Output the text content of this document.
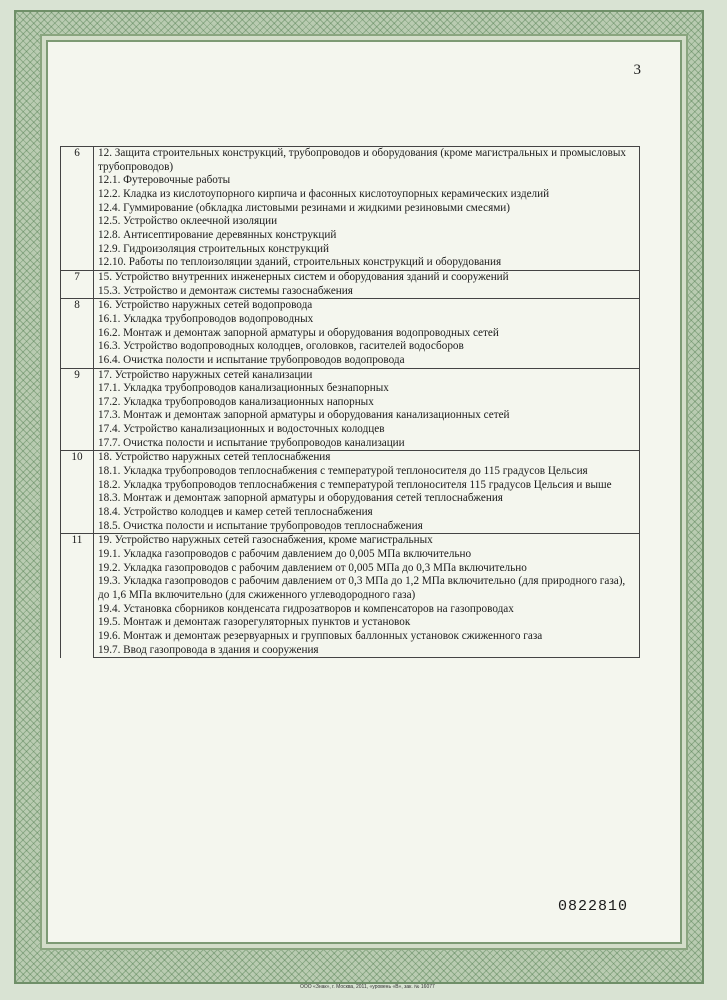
3
6	12. Защита строительных конструкций, трубопроводов и оборудования (кроме магистральных и промысловых трубопроводов)
	12.1. Футеровочные работы
	12.2. Кладка из кислотоупорного кирпича и фасонных кислотоупорных керамических изделий
	12.4. Гуммирование (обкладка листовыми резинами и жидкими резиновыми смесями)
	12.5. Устройство оклеечной изоляции
	12.8. Антисептирование деревянных конструкций
	12.9. Гидроизоляция строительных конструкций
	12.10. Работы по теплоизоляции зданий, строительных конструкций и оборудования
7	15. Устройство внутренних инженерных систем и оборудования зданий и сооружений
	15.3. Устройство и демонтаж системы газоснабжения
8	16. Устройство наружных сетей водопровода
	16.1. Укладка трубопроводов водопроводных
	16.2. Монтаж и демонтаж запорной арматуры и оборудования водопроводных сетей
	16.3. Устройство водопроводных колодцев, оголовков, гасителей водосборов
	16.4. Очистка полости и испытание трубопроводов водопровода
9	17. Устройство наружных сетей канализации
	17.1. Укладка трубопроводов канализационных безнапорных
	17.2. Укладка трубопроводов канализационных напорных
	17.3. Монтаж и демонтаж запорной арматуры и оборудования канализационных сетей
	17.4. Устройство канализационных и водосточных колодцев
	17.7. Очистка полости и испытание трубопроводов канализации
10	18. Устройство наружных сетей теплоснабжения
	18.1. Укладка трубопроводов теплоснабжения с температурой теплоносителя до 115 градусов Цельсия
	18.2. Укладка трубопроводов теплоснабжения с температурой теплоносителя 115 градусов Цельсия и выше
	18.3. Монтаж и демонтаж запорной арматуры и оборудования сетей теплоснабжения
	18.4. Устройство колодцев и камер сетей теплоснабжения
	18.5. Очистка полости и испытание трубопроводов теплоснабжения
11	19. Устройство наружных сетей газоснабжения, кроме магистральных
	19.1. Укладка газопроводов с рабочим давлением до 0,005 МПа включительно
	19.2. Укладка газопроводов с рабочим давлением от 0,005 МПа до 0,3 МПа включительно
	19.3. Укладка газопроводов с рабочим давлением от 0,3 МПа до 1,2 МПа включительно (для природного газа), до 1,6 МПа включительно (для сжиженного углеводородного газа)
	19.4. Установка сборников конденсата гидрозатворов и компенсаторов на газопроводах
	19.5. Монтаж и демонтаж газорегуляторных пунктов и установок
	19.6. Монтаж и демонтаж резервуарных и групповых баллонных установок сжиженного газа
	19.7. Ввод газопровода в здания и сооружения
0822810
ООО «Знак», г. Москва, 2011, «уровень «В», зак. № 16077
